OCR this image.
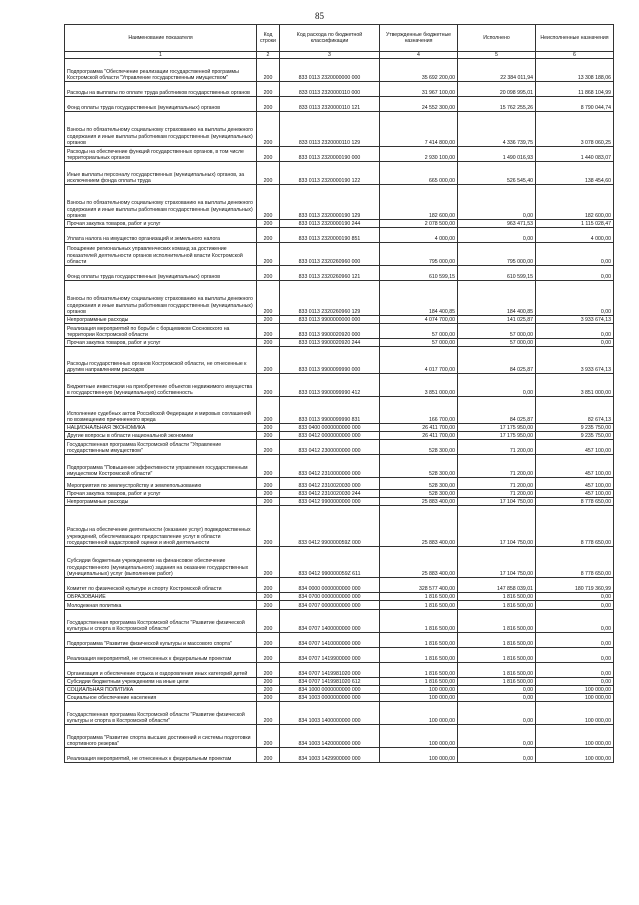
85
Наименование показателя	Код строки	Код расхода по бюджетной классификации	Утвержденные бюджетные назначения	Исполнено	Неисполненные назначения
1	2	3	4	5	6
Подпрограмма "Обеспечение реализации государственной программы Костромской области "Управление государственным имуществом"	200	833 0113 2320000000 000	35 692 200,00	22 384 011,94	13 308 188,06
Расходы на выплаты по оплате труда работников государственных органов	200	833 0113 2320000110 000	31 967 100,00	20 098 995,01	11 868 104,99
Фонд оплаты труда государственных (муниципальных) органов	200	833 0113 2320000110 121	24 552 300,00	15 762 255,26	8 790 044,74
Взносы по обязательному социальному страхованию на выплаты денежного содержания и иные выплаты работникам государственных (муниципальных) органов	200	833 0113 2320000110 129	7 414 800,00	4 336 739,75	3 078 060,25
Расходы на обеспечение функций государственных органов, в том числе территориальных органов	200	833 0113 2320000190 000	2 930 100,00	1 490 016,93	1 440 083,07
Иные выплаты персоналу государственных (муниципальных) органов, за исключением фонда оплаты труда	200	833 0113 2320000190 122	665 000,00	526 545,40	138 454,60
Взносы по обязательному социальному страхованию на выплаты денежного содержания и иные выплаты работникам государственных (муниципальных) органов	200	833 0113 2320000190 129	182 600,00	0,00	182 600,00
Прочая закупка товаров, работ и услуг	200	833 0113 2320000190 244	2 078 500,00	963 471,53	1 115 028,47
Уплата налога на имущество организаций и земельного налога	200	833 0113 2320000190 851	4 000,00	0,00	4 000,00
Поощрение региональных управленческих команд за достижение показателей деятельности органов исполнительной власти Костромской области	200	833 0113 2320260960 000	795 000,00	795 000,00	0,00
Фонд оплаты труда государственных (муниципальных) органов	200	833 0113 2320260960 121	610 599,15	610 599,15	0,00
Взносы по обязательному социальному страхованию на выплаты денежного содержания и иные выплаты работникам государственных (муниципальных) органов	200	833 0113 2320260960 129	184 400,85	184 400,85	0,00
Непрограммные расходы	200	833 0113 9900000000 000	4 074 700,00	141 025,87	3 933 674,13
Реализация мероприятий по борьбе с борщевиком Сосновского на территории Костромской области	200	833 0113 9900020920 000	57 000,00	57 000,00	0,00
Прочая закупка товаров, работ и услуг	200	833 0113 9900020920 244	57 000,00	57 000,00	0,00
Расходы государственных органов Костромской области, не отнесенные к другим направлениям расходов	200	833 0113 9900099990 000	4 017 700,00	84 025,87	3 933 674,13
Бюджетные инвестиции на приобретение объектов недвижимого имущества в государственную (муниципальную) собственность	200	833 0113 9900099990 412	3 851 000,00	0,00	3 851 000,00
Исполнение судебных актов Российской Федерации и мировых соглашений по возмещению причиненного вреда	200	833 0113 9900099990 831	166 700,00	84 025,87	82 674,13
НАЦИОНАЛЬНАЯ ЭКОНОМИКА	200	833 0400 0000000000 000	26 411 700,00	17 175 950,00	9 235 750,00
Другие вопросы в области национальной экономики	200	833 0412 0000000000 000	26 411 700,00	17 175 950,00	9 235 750,00
Государственная программа Костромской области "Управление государственным имуществом"	200	833 0412 2300000000 000	528 300,00	71 200,00	457 100,00
Подпрограмма "Повышение эффективности управления государственным имуществом Костромской области"	200	833 0412 2310000000 000	528 300,00	71 200,00	457 100,00
Мероприятия по землеустройству и землепользованию	200	833 0412 2310020030 000	528 300,00	71 200,00	457 100,00
Прочая закупка товаров, работ и услуг	200	833 0412 2310020030 244	528 300,00	71 200,00	457 100,00
Непрограммные расходы	200	833 0412 9900000000 000	25 883 400,00	17 104 750,00	8 778 650,00
Расходы на обеспечение деятельности (оказание услуг) подведомственных учреждений, обеспечивающих предоставление услуг в области государственной кадастровой оценки и иной деятельности	200	833 0412 990000059Z 000	25 883 400,00	17 104 750,00	8 778 650,00
Субсидии бюджетным учреждениям на финансовое обеспечение государственного (муниципального) задания на оказание государственных (муниципальных) услуг (выполнение работ)	200	833 0412 990000059Z 611	25 883 400,00	17 104 750,00	8 778 650,00
Комитет по физической культуре и спорту Костромской области	200	834 0000 0000000000 000	328 577 400,00	147 858 039,01	180 719 360,99
ОБРАЗОВАНИЕ	200	834 0700 0000000000 000	1 816 500,00	1 816 500,00	0,00
Молодежная политика	200	834 0707 0000000000 000	1 816 500,00	1 816 500,00	0,00
Государственная программа Костромской области "Развитие физической культуры и спорта в Костромской области"	200	834 0707 1400000000 000	1 816 500,00	1 816 500,00	0,00
Подпрограмма "Развитие физической культуры и массового спорта"	200	834 0707 1410000000 000	1 816 500,00	1 816 500,00	0,00
Реализация мероприятий, не отнесенных к федеральным проектам	200	834 0707 1419900000 000	1 816 500,00	1 816 500,00	0,00
Организация и обеспечение отдыха и оздоровления иных категорий детей	200	834 0707 1419981020 000	1 816 500,00	1 816 500,00	0,00
Субсидии бюджетным учреждениям на иные цели	200	834 0707 1419981020 612	1 816 500,00	1 816 500,00	0,00
СОЦИАЛЬНАЯ ПОЛИТИКА	200	834 1000 0000000000 000	100 000,00	0,00	100 000,00
Социальное обеспечение населения	200	834 1003 0000000000 000	100 000,00	0,00	100 000,00
Государственная программа Костромской области "Развитие физической культуры и спорта в Костромской области"	200	834 1003 1400000000 000	100 000,00	0,00	100 000,00
Подпрограмма "Развитие спорта высших достижений и системы подготовки спортивного резерва"	200	834 1003 1420000000 000	100 000,00	0,00	100 000,00
Реализация мероприятий, не отнесенных к федеральным проектам	200	834 1003 1429900000 000	100 000,00	0,00	100 000,00
